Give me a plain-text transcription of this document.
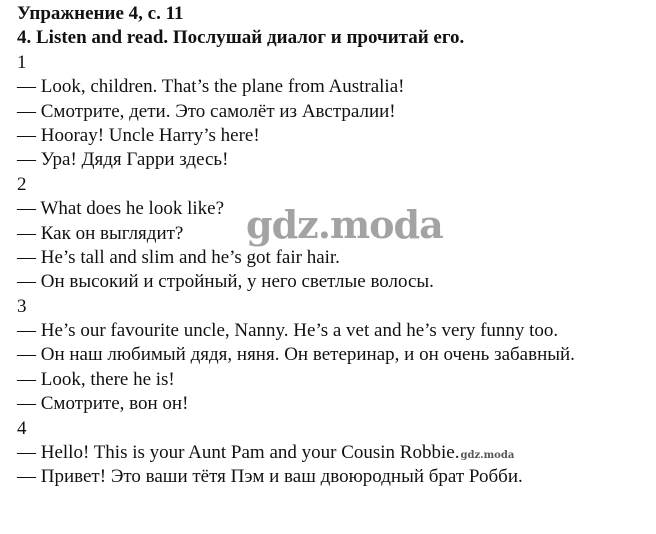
Упражнение 4, с. 11
4. Listen and read. Послушай диалог и прочитай его.
1
— Look, children. That’s the plane from Australia!
— Смотрите, дети. Это самолёт из Австралии!
— Hooray! Uncle Harry’s here!
— Ура! Дядя Гарри здесь!
2
— What does he look like?
— Как он выглядит?
— He’s tall and slim and he’s got fair hair.
— Он высокий и стройный, у него светлые волосы.
3
— He’s our favourite uncle, Nanny. He’s a vet and he’s very funny too.
— Он наш любимый дядя, няня. Он ветеринар, и он очень забавный.
— Look, there he is!
— Смотрите, вон он!
4
— Hello! This is your Aunt Pam and your Cousin Robbie.gdz.moda
— Привет! Это ваши тётя Пэм и ваш двоюродный брат Робби.
gdz.moda
